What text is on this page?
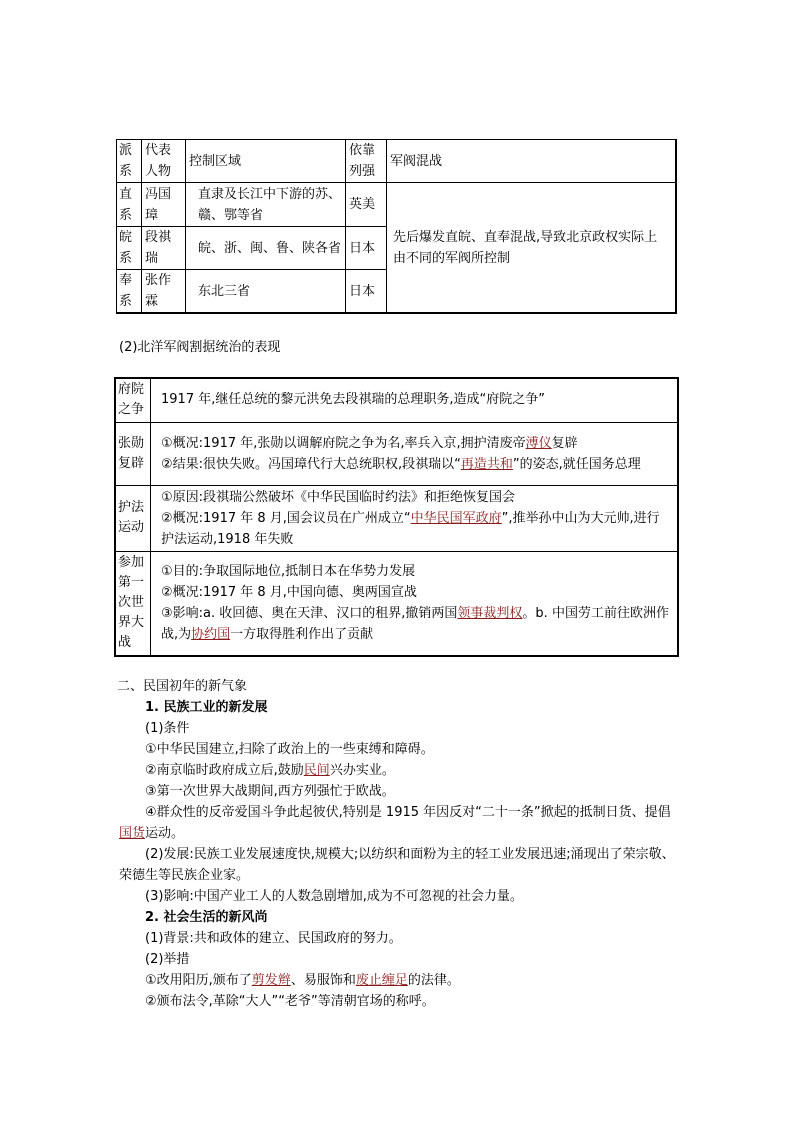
派系	代表人物	控制区域	依靠列强	军阀混战
直系	冯国璋	直隶及长江中下游的苏、赣、鄂等省	英美	先后爆发直皖、直奉混战,导致北京政权实际上由不同的军阀所控制
皖系	段祺瑞	皖、浙、闽、鲁、陕各省	日本	
奉系	张作霖	东北三省	日本	
(2)北洋军阀割据统治的表现
府院之争	1917 年,继任总统的黎元洪免去段祺瑞的总理职务,造成“府院之争”
张勋复辟	①概况:1917 年,张勋以调解府院之争为名,率兵入京,拥护清废帝溥仪复辟
②结果:很快失败。冯国璋代行大总统职权,段祺瑞以“再造共和”的姿态,就任国务总理

护法运动	①原因:段祺瑞公然破坏《中华民国临时约法》和拒绝恢复国会
②概况:1917 年 8 月,国会议员在广州成立“中华民国军政府”,推举孙中山为大元帅,进行护法运动,1918 年失败

参加第一次世界大战	①目的:争取国际地位,抵制日本在华势力发展
②概况:1917 年 8 月,中国向德、奥两国宣战
③影响:a. 收回德、奥在天津、汉口的租界,撤销两国领事裁判权。b. 中国劳工前往欧洲作战,为协约国一方取得胜利作出了贡献
二、民国初年的新气象
1. 民族工业的新发展
(1)条件
①中华民国建立,扫除了政治上的一些束缚和障碍。
②南京临时政府成立后,鼓励民间兴办实业。
③第一次世界大战期间,西方列强忙于欧战。
④群众性的反帝爱国斗争此起彼伏,特别是 1915 年因反对“二十一条”掀起的抵制日货、提倡国货运动。
(2)发展:民族工业发展速度快,规模大;以纺织和面粉为主的轻工业发展迅速;涌现出了荣宗敬、荣德生等民族企业家。
(3)影响:中国产业工人的人数急剧增加,成为不可忽视的社会力量。
2. 社会生活的新风尚
(1)背景:共和政体的建立、民国政府的努力。
(2)举措
①改用阳历,颁布了剪发辫、易服饰和废止缠足的法律。
②颁布法令,革除“大人”“老爷”等清朝官场的称呼。
